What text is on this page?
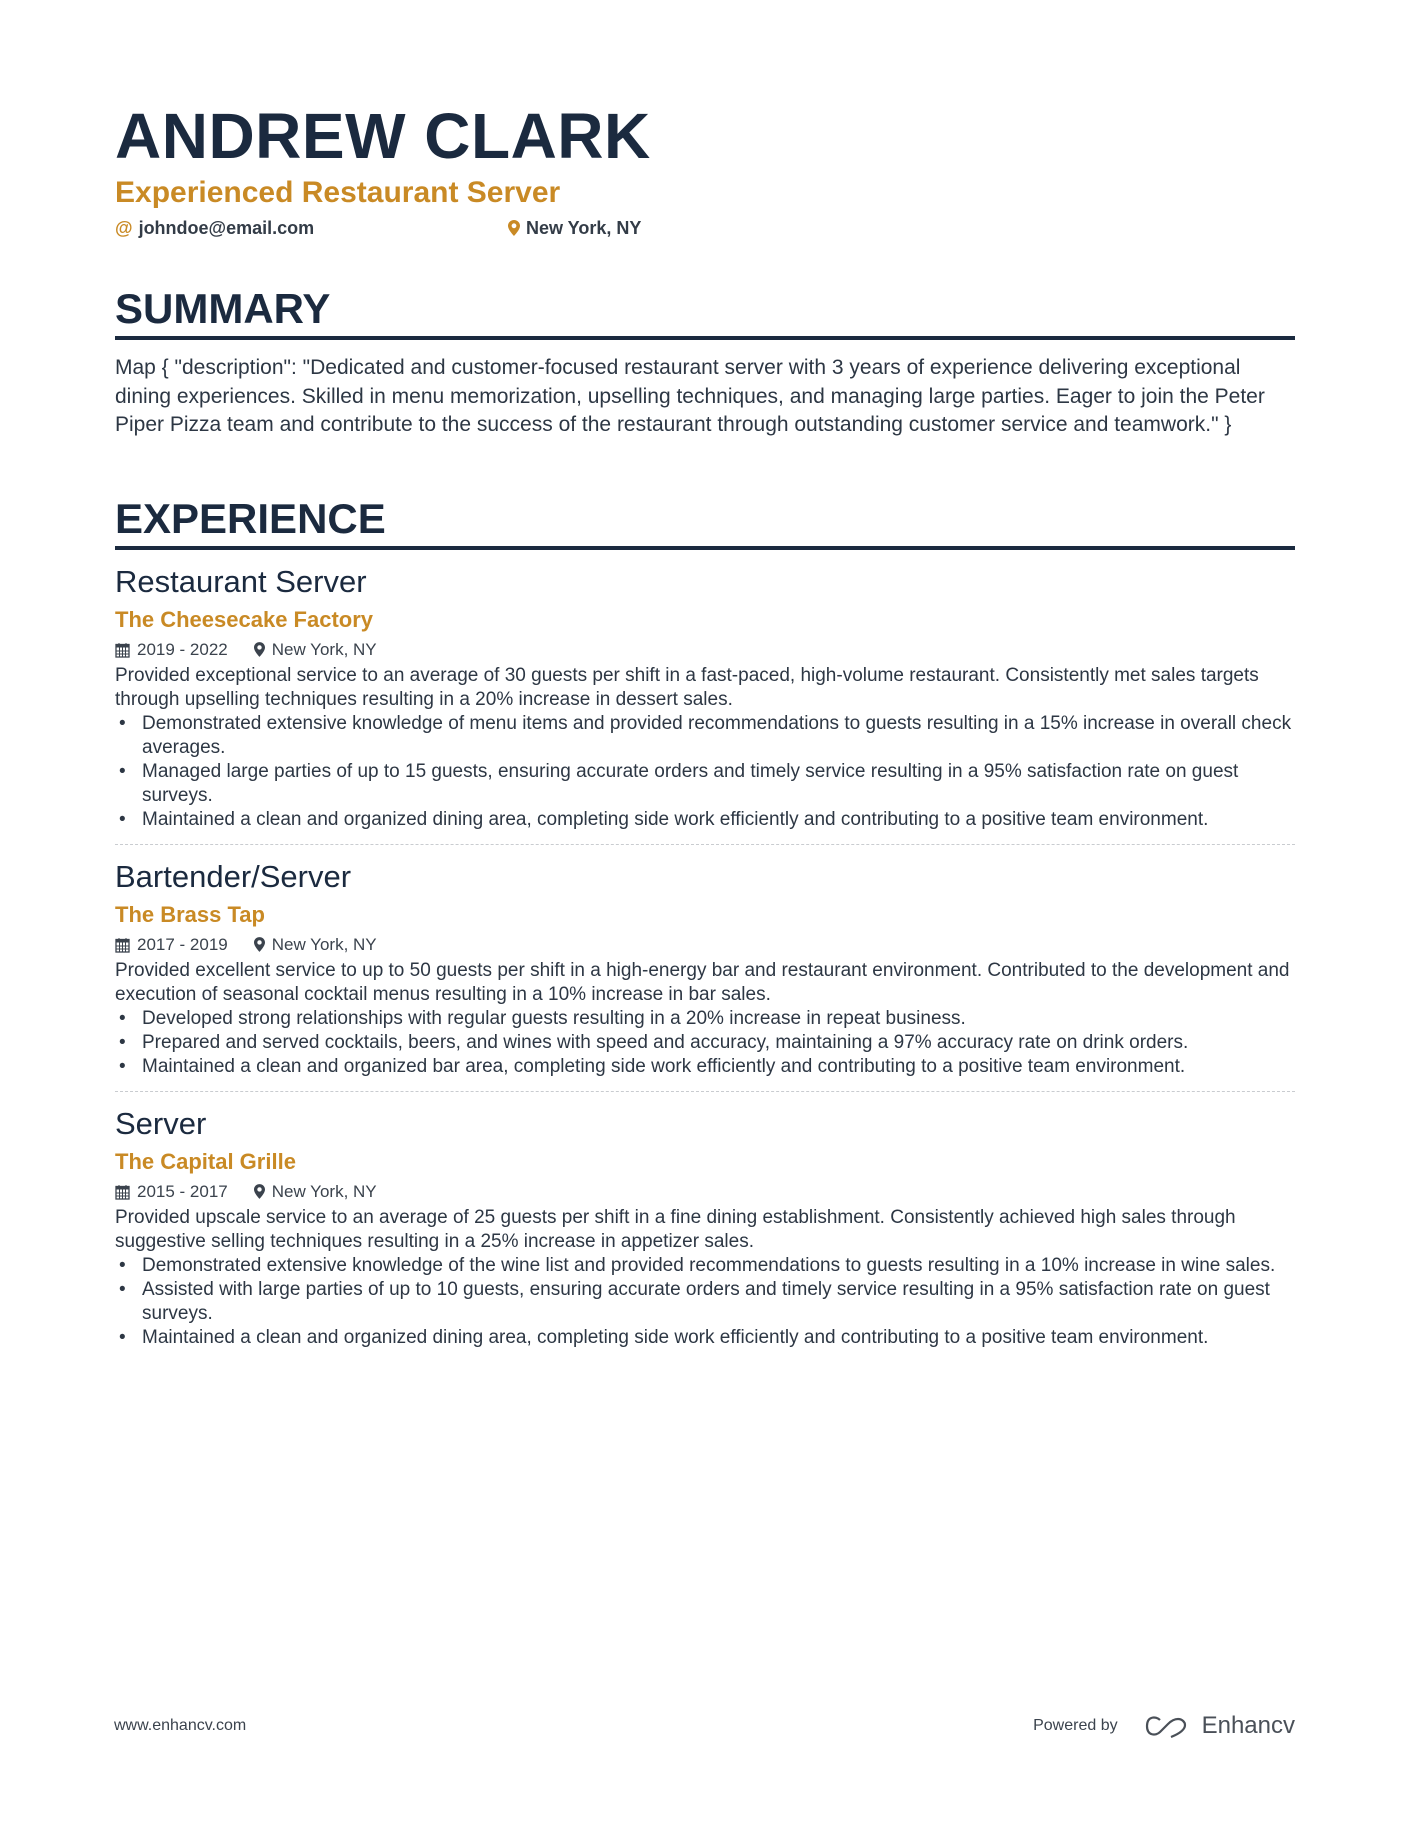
ANDREW CLARK
Experienced Restaurant Server
@ johndoe@email.com	New York, NY
SUMMARY

Map { "description": "Dedicated and customer-focused restaurant server with 3 years of experience delivering exceptional dining experiences. Skilled in menu memorization, upselling techniques, and managing large parties. Eager to join the Peter Piper Pizza team and contribute to the success of the restaurant through outstanding customer service and teamwork." }

EXPERIENCE
Restaurant Server
The Cheesecake Factory
2019 - 2022	New York, NY

Provided exceptional service to an average of 30 guests per shift in a fast-paced, high-volume restaurant. Consistently met sales targets through upselling techniques resulting in a 20% increase in dessert sales.

• Demonstrated extensive knowledge of menu items and provided recommendations to guests resulting in a 15% increase in overall check averages.
• Managed large parties of up to 15 guests, ensuring accurate orders and timely service resulting in a 95% satisfaction rate on guest surveys.
• Maintained a clean and organized dining area, completing side work efficiently and contributing to a positive team environment.
Bartender/Server
The Brass Tap
2017 - 2019	New York, NY

Provided excellent service to up to 50 guests per shift in a high-energy bar and restaurant environment. Contributed to the development and execution of seasonal cocktail menus resulting in a 10% increase in bar sales.

• Developed strong relationships with regular guests resulting in a 20% increase in repeat business.
• Prepared and served cocktails, beers, and wines with speed and accuracy, maintaining a 97% accuracy rate on drink orders.
• Maintained a clean and organized bar area, completing side work efficiently and contributing to a positive team environment.
Server
The Capital Grille
2015 - 2017	New York, NY

Provided upscale service to an average of 25 guests per shift in a fine dining establishment. Consistently achieved high sales through suggestive selling techniques resulting in a 25% increase in appetizer sales.

• Demonstrated extensive knowledge of the wine list and provided recommendations to guests resulting in a 10% increase in wine sales.
• Assisted with large parties of up to 10 guests, ensuring accurate orders and timely service resulting in a 95% satisfaction rate on guest surveys.
• Maintained a clean and organized dining area, completing side work efficiently and contributing to a positive team environment.
www.enhancv.com	Powered by	Enhancv
